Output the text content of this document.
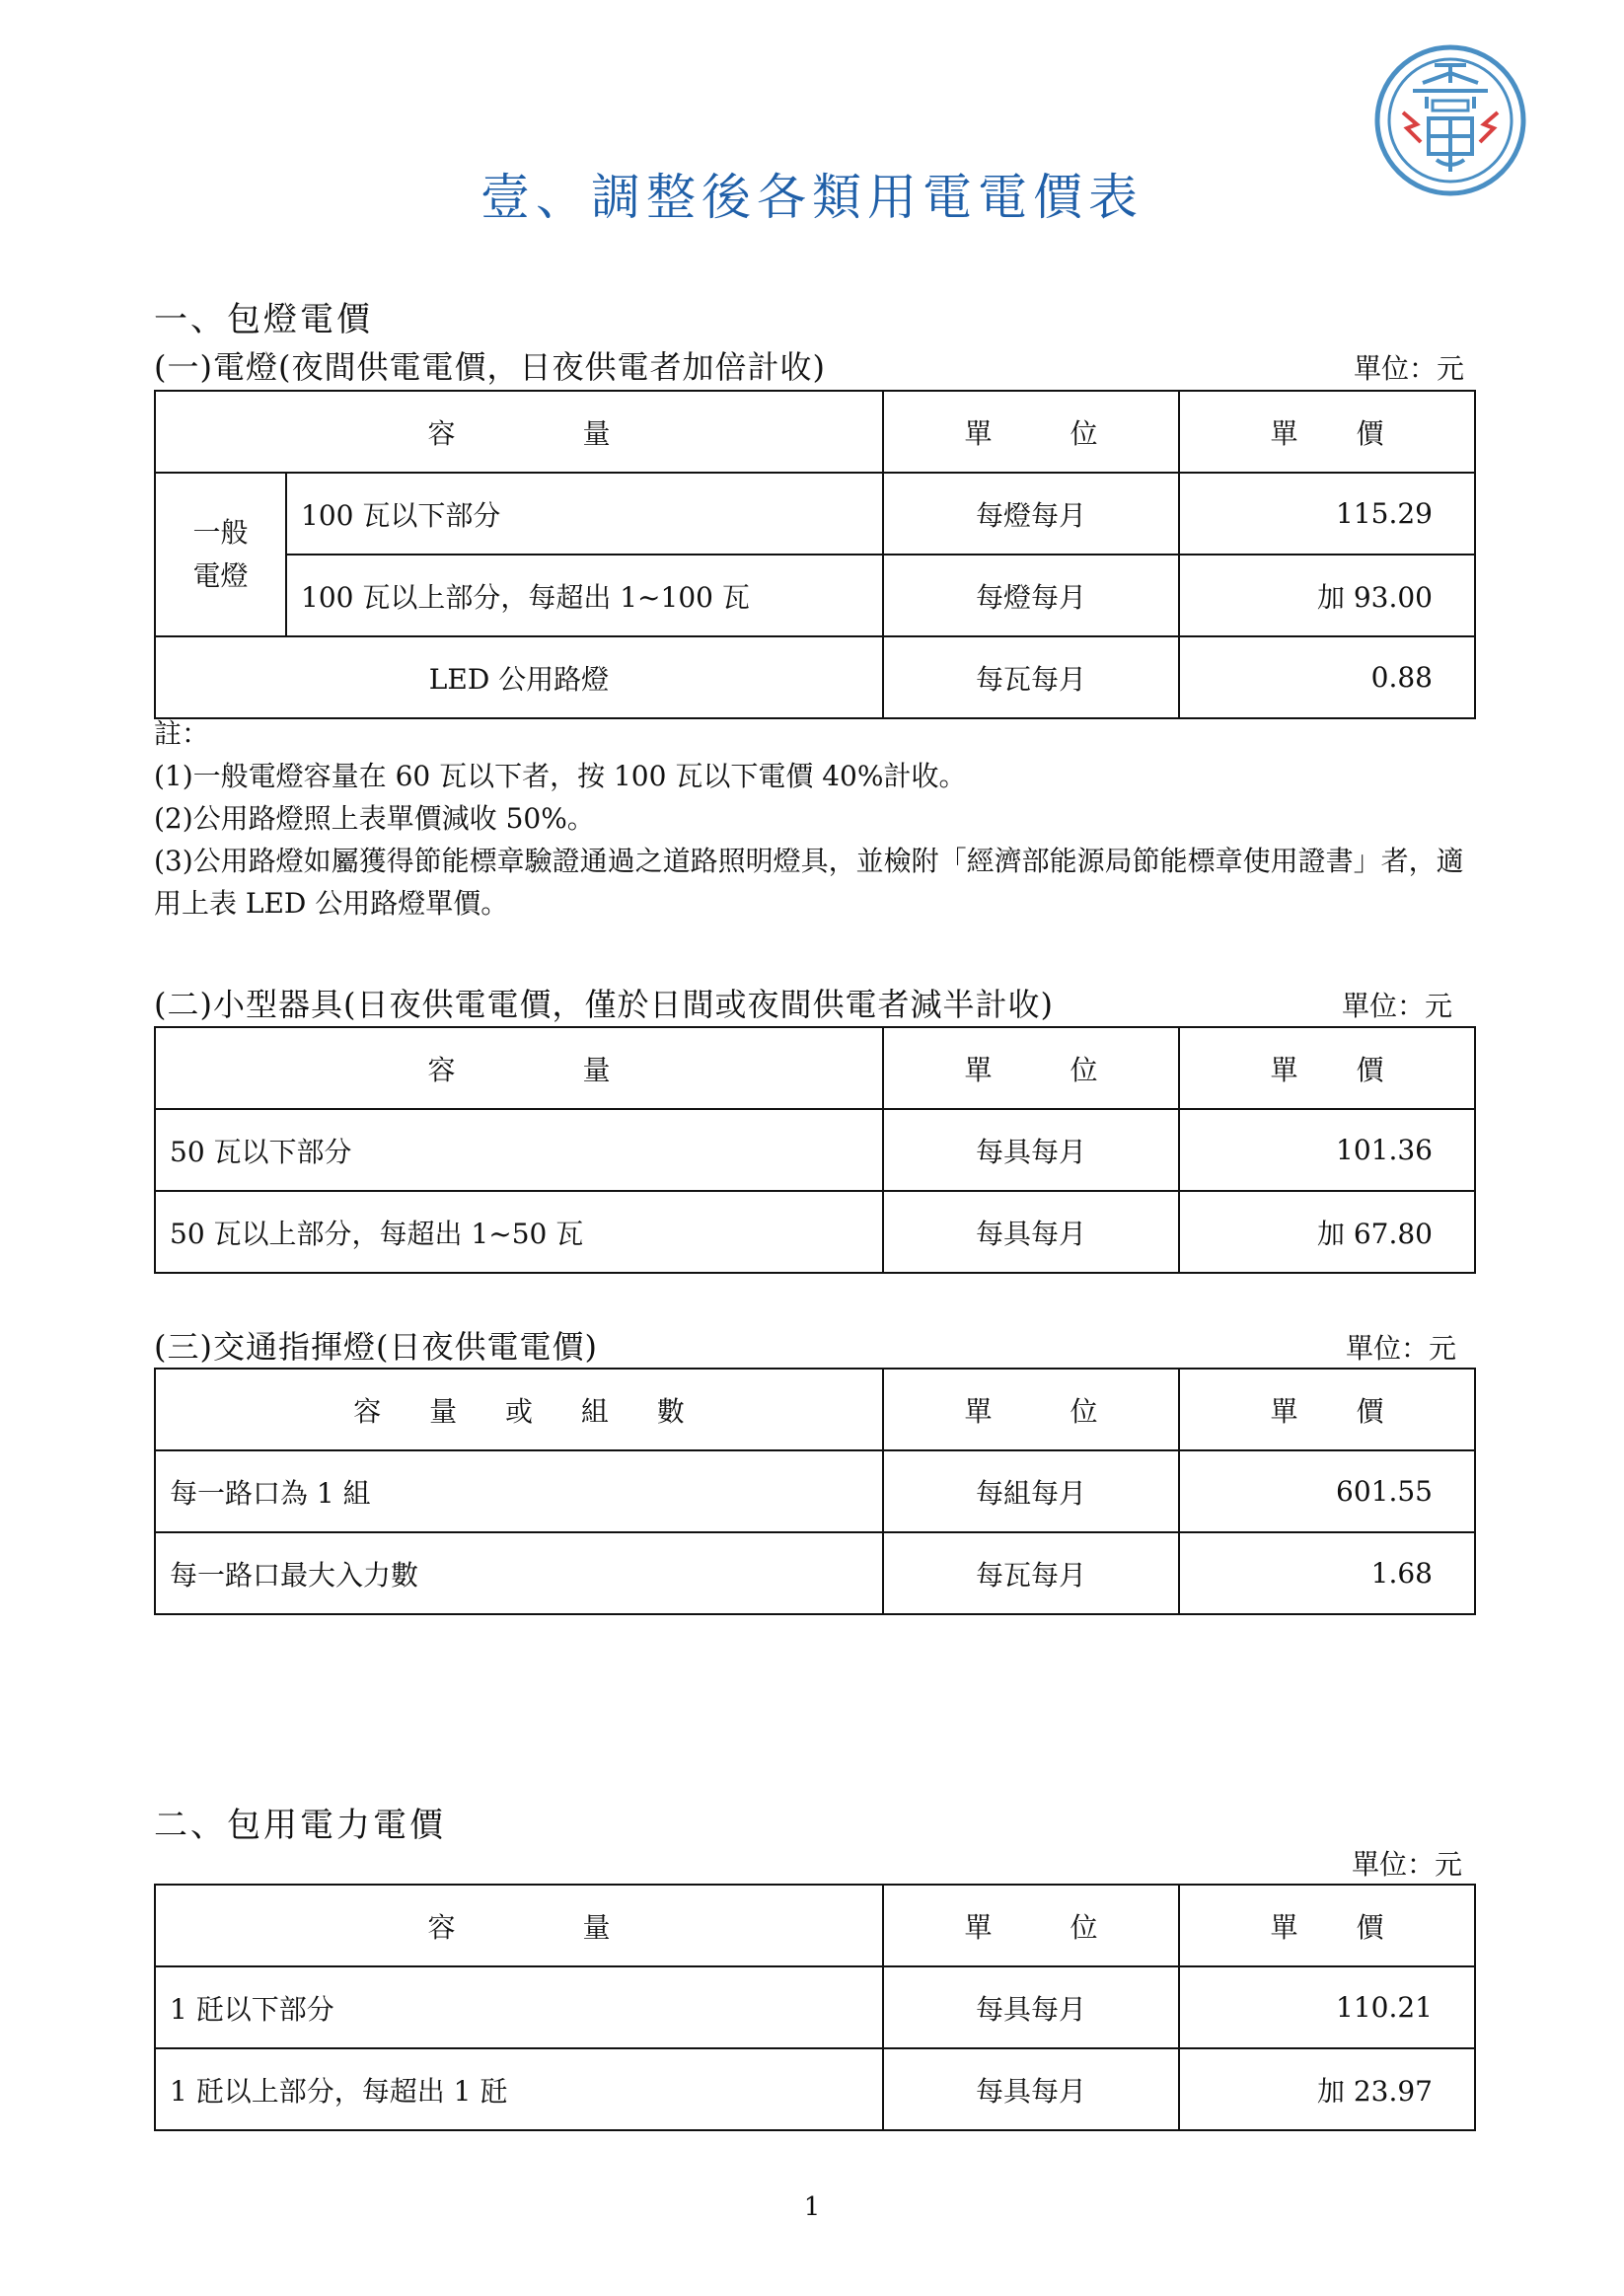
壹、調整後各類用電電價表
一、包燈電價
(一)電燈(夜間供電電價，日夜供電者加倍計收)	單位：元
容 量		單 位	單 價
一般
電燈	100 瓦以下部分	每燈每月	115.29
	100 瓦以上部分，每超出 1~100 瓦	每燈每月	加 93.00
LED 公用路燈		每瓦每月	0.88
註：
(1)一般電燈容量在 60 瓦以下者，按 100 瓦以下電價 40%計收。
(2)公用路燈照上表單價減收 50%。
(3)公用路燈如屬獲得節能標章驗證通過之道路照明燈具，並檢附「經濟部能源局節能標章使用證書」者，適用上表 LED 公用路燈單價。
(二)小型器具(日夜供電電價，僅於日間或夜間供電者減半計收)	單位：元
容 量	單 位	單 價
50 瓦以下部分	每具每月	101.36
50 瓦以上部分，每超出 1~50 瓦	每具每月	加 67.80
(三)交通指揮燈(日夜供電電價)	單位：元
容 量 或 組 數	單 位	單 價
每一路口為 1 組	每組每月	601.55
每一路口最大入力數	每瓦每月	1.68
二、包用電力電價
單位：元
容 量	單 位	單 價
1 瓩以下部分	每具每月	110.21
1 瓩以上部分，每超出 1 瓩	每具每月	加 23.97
1
